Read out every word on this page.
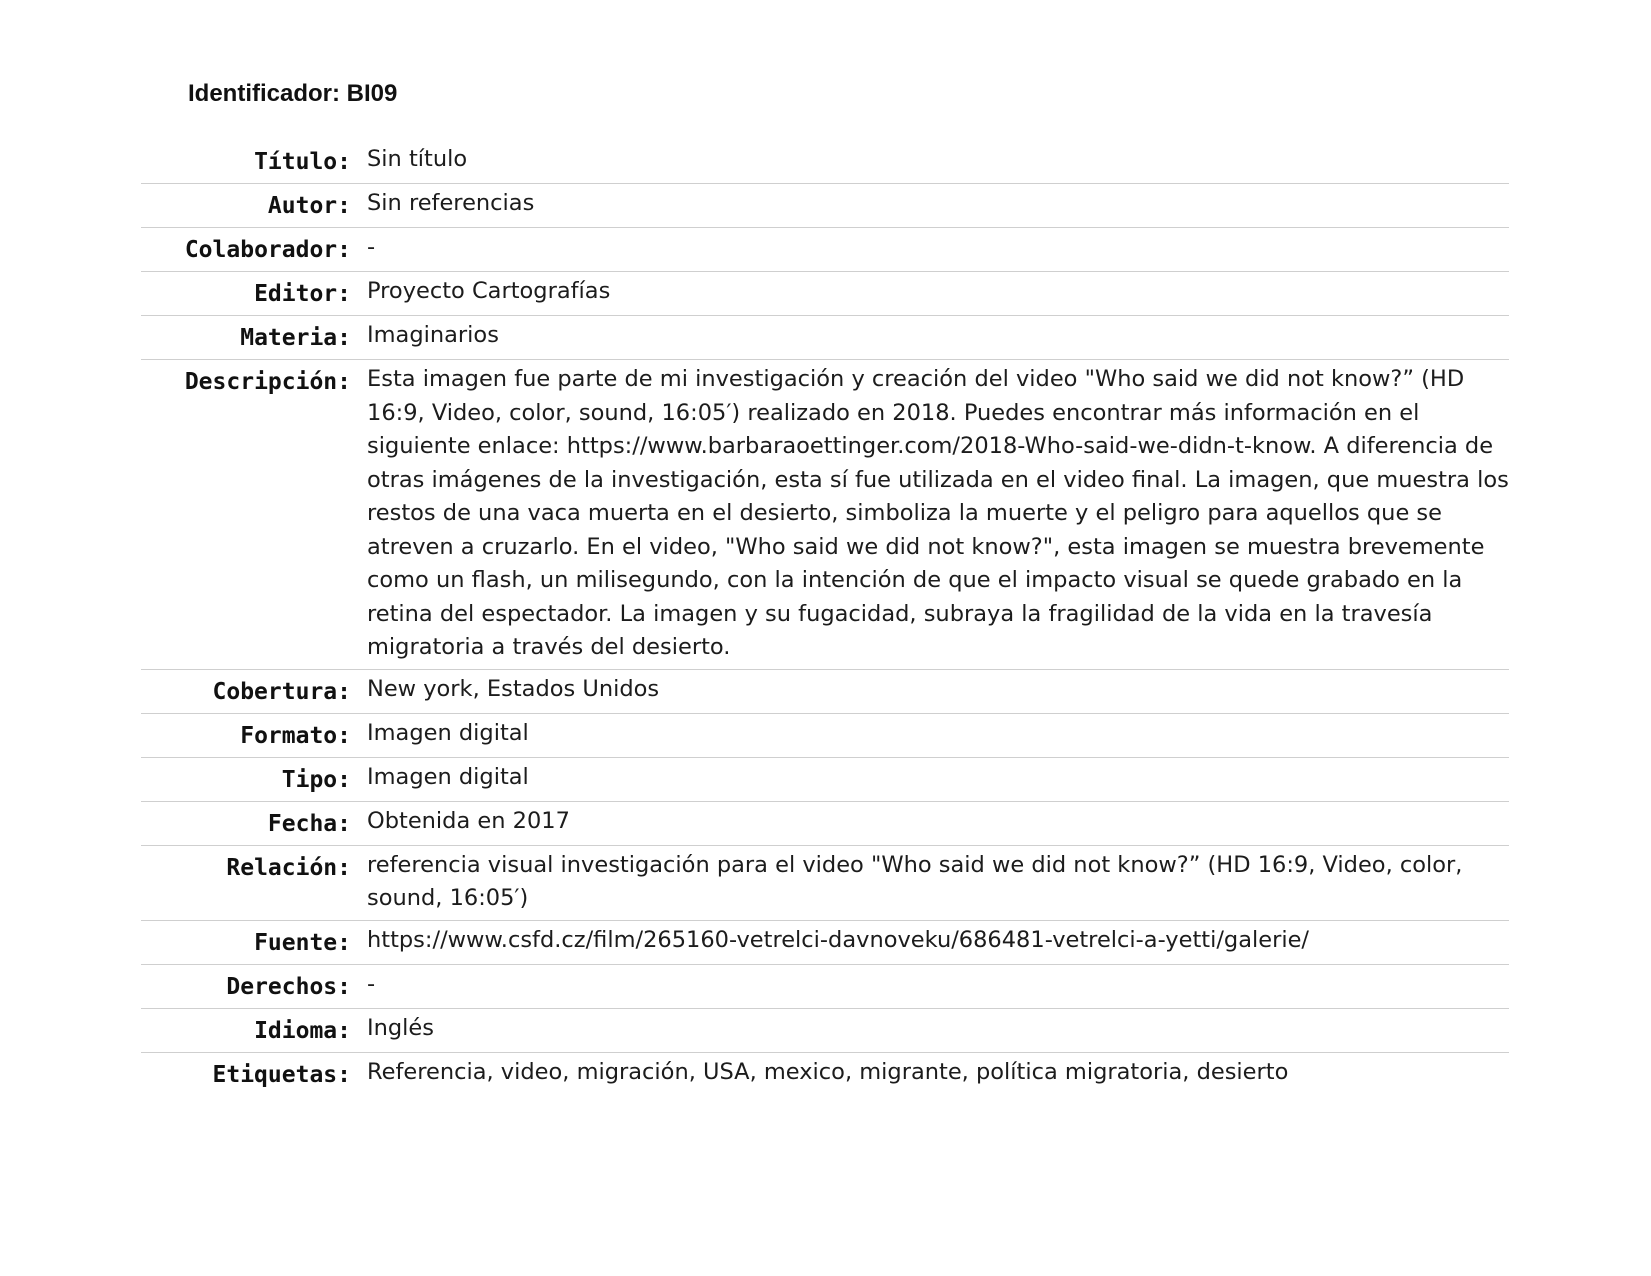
Identificador: BI09
Título: Sin título
Autor: Sin referencias
Colaborador: -
Editor: Proyecto Cartografías
Materia: Imaginarios
Descripción: Esta imagen fue parte de mi investigación y creación del video "Who said we did not know?” (HD 16:9, Video, color, sound, 16:05′) realizado en 2018. Puedes encontrar más información en el siguiente enlace: https://www.barbaraoettinger.com/2018-Who-said-we-didn-t-know. A diferencia de otras imágenes de la investigación, esta sí fue utilizada en el video final. La imagen, que muestra los restos de una vaca muerta en el desierto, simboliza la muerte y el peligro para aquellos que se atreven a cruzarlo. En el video, "Who said we did not know?", esta imagen se muestra brevemente como un flash, un milisegundo, con la intención de que el impacto visual se quede grabado en la retina del espectador. La imagen y su fugacidad, subraya la fragilidad de la vida en la travesía migratoria a través del desierto.
Cobertura: New york, Estados Unidos
Formato: Imagen digital
Tipo: Imagen digital
Fecha: Obtenida en 2017
Relación: referencia visual investigación para el video "Who said we did not know?” (HD 16:9, Video, color, sound, 16:05′)
Fuente: https://www.csfd.cz/film/265160-vetrelci-davnoveku/686481-vetrelci-a-yetti/galerie/
Derechos: -
Idioma: Inglés
Etiquetas: Referencia, video, migración, USA, mexico, migrante, política migratoria, desierto
